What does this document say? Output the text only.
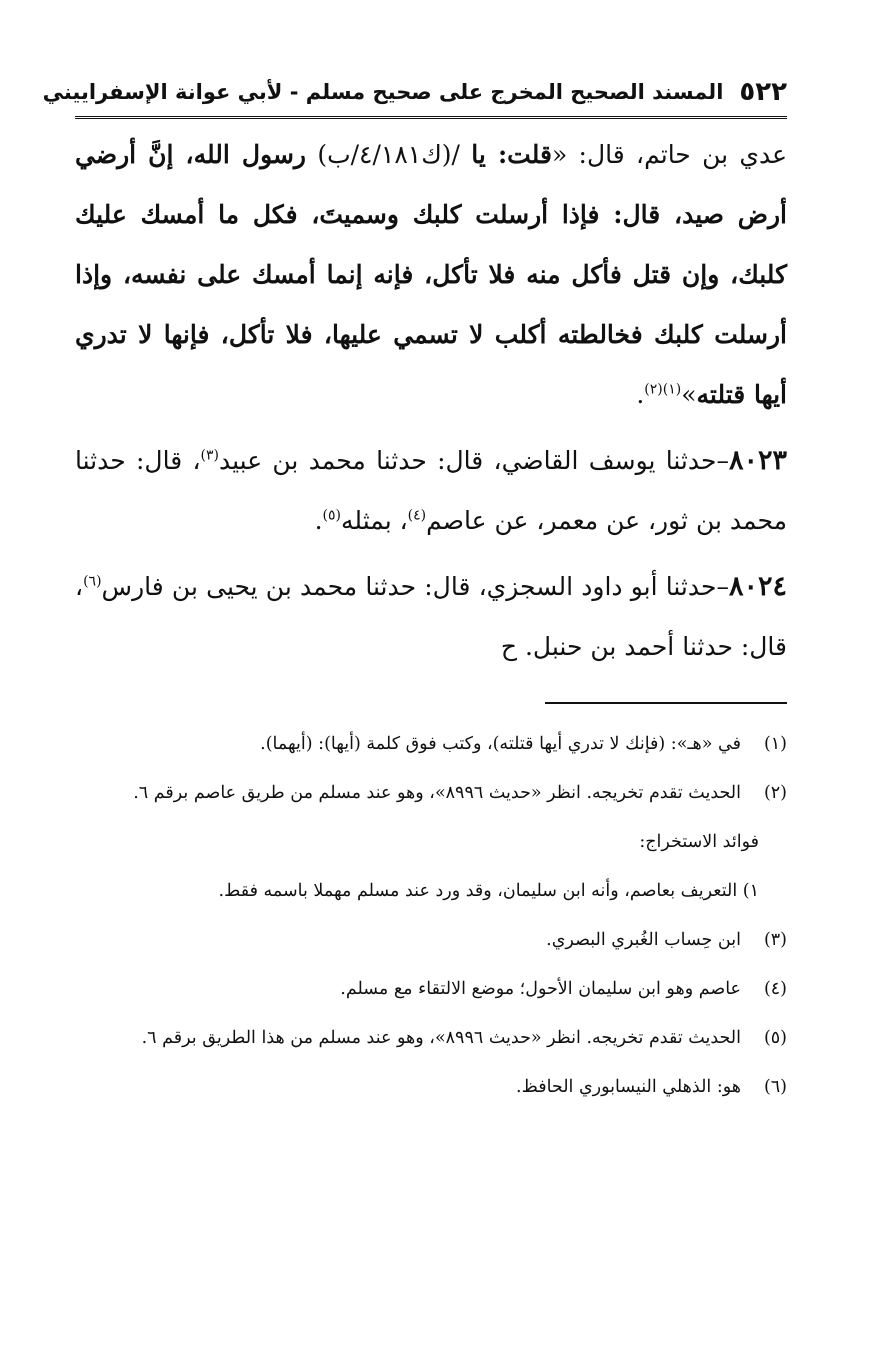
٥٢٢
المسند الصحيح المخرج على صحيح مسلم - لأبي عوانة الإسفراييني

عدي بن حاتم، قال: «قلت: يا /(ك٤/١٨١/ب) رسول الله، إنَّ أرضي أرض صيد، قال: فإذا أرسلت كلبك وسميتَ، فكل ما أمسك عليك كلبك، وإن قتل فأكل منه فلا تأكل، فإنه إنما أمسك على نفسه، وإذا أرسلت كلبك فخالطته أكلب لا تسمي عليها، فلا تأكل، فإنها لا تدري أيها قتلته»$^{(١)(٢)}$.

٨٠٢٣–حدثنا يوسف القاضي، قال: حدثنا محمد بن عبيد$^{(٣)}$، قال: حدثنا محمد بن ثور، عن معمر، عن عاصم$^{(٤)}$، بمثله$^{(٥)}$.

٨٠٢٤–حدثنا أبو داود السجزي، قال: حدثنا محمد بن يحيى بن فارس$^{(٦)}$، قال: حدثنا أحمد بن حنبل. ح

(١)
في «هـ»: (فإنك لا تدري أيها قتلته)، وكتب فوق كلمة (أيها): (أيهما).

(٢)
الحديث تقدم تخريجه. انظر «حديث ٨٩٩٦»، وهو عند مسلم من طريق عاصم برقم ٦.

فوائد الاستخراج:

١) التعريف بعاصم، وأنه ابن سليمان، وقد ورد عند مسلم مهملا باسمه فقط.

(٣)
ابن حِساب الغُبري البصري.

(٤)
عاصم وهو ابن سليمان الأحول؛ موضع الالتقاء مع مسلم.

(٥)
الحديث تقدم تخريجه. انظر «حديث ٨٩٩٦»، وهو عند مسلم من هذا الطريق برقم ٦.

(٦)
هو: الذهلي النيسابوري الحافظ.
